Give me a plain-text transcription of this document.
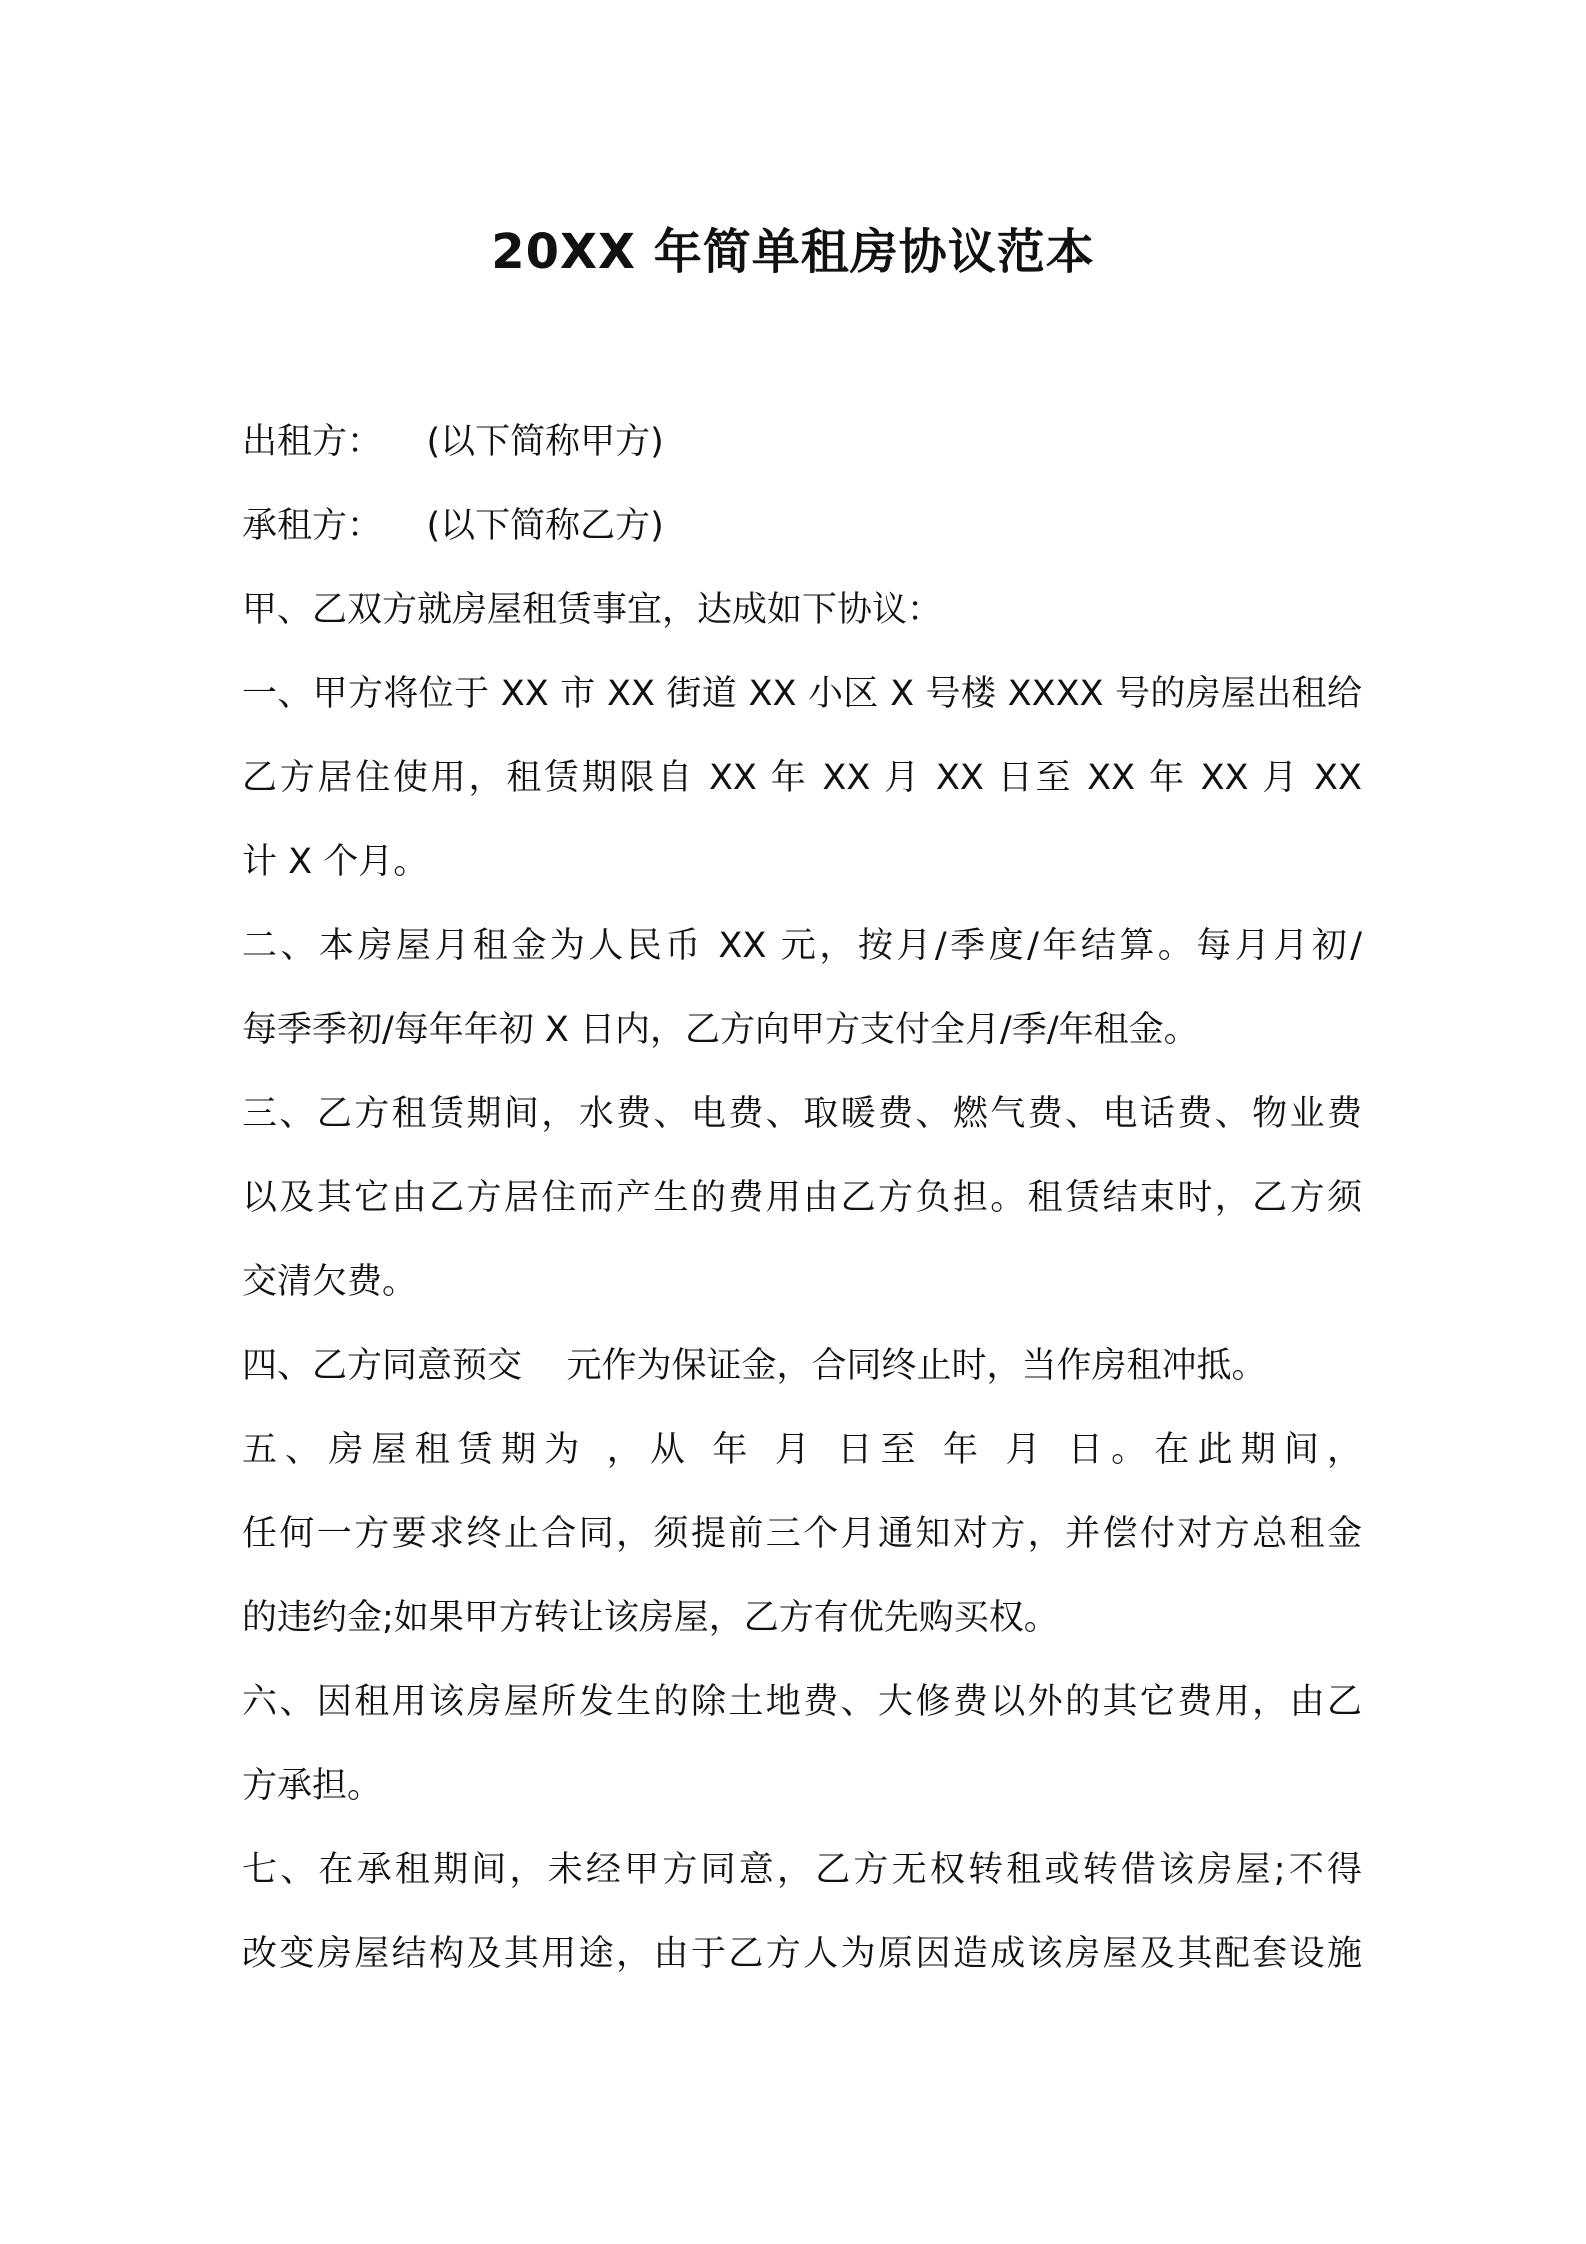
20XX 年简单租房协议范本
出租方：    (以下简称甲方)
承租方：    (以下简称乙方)
甲、乙双方就房屋租赁事宜，达成如下协议：
一、甲方将位于 XX 市 XX 街道 XX 小区 X 号楼 XXXX 号的房屋出租给
乙方居住使用，租赁期限自 XX 年 XX 月 XX 日至 XX 年 XX 月 XX
计 X 个月。
二、本房屋月租金为人民币 XX 元，按月/季度/年结算。每月月初/
每季季初/每年年初 X 日内，乙方向甲方支付全月/季/年租金。
三、乙方租赁期间，水费、电费、取暖费、燃气费、电话费、物业费
以及其它由乙方居住而产生的费用由乙方负担。租赁结束时，乙方须
交清欠费。
四、乙方同意预交    元作为保证金，合同终止时，当作房租冲抵。
五、房屋租赁期为 ，从 年 月 日至 年 月 日。在此期间，
任何一方要求终止合同，须提前三个月通知对方，并偿付对方总租金
的违约金;如果甲方转让该房屋，乙方有优先购买权。
六、因租用该房屋所发生的除土地费、大修费以外的其它费用，由乙
方承担。
七、在承租期间，未经甲方同意，乙方无权转租或转借该房屋;不得
改变房屋结构及其用途，由于乙方人为原因造成该房屋及其配套设施
